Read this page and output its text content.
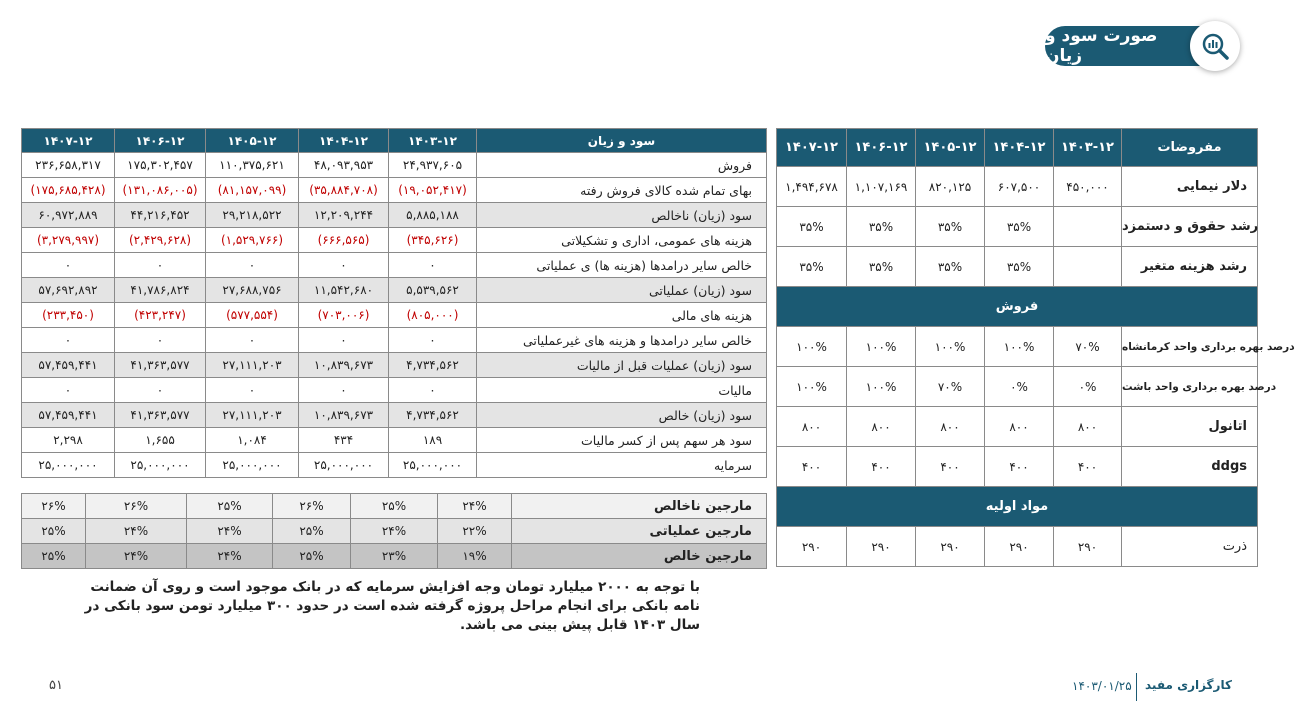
صورت سود و زیان
۱۴۰۷-۱۲	۱۴۰۶-۱۲	۱۴۰۵-۱۲	۱۴۰۴-۱۲	۱۴۰۳-۱۲	سود و زیان
۲۳۶,۶۵۸,۳۱۷	۱۷۵,۳۰۲,۴۵۷	۱۱۰,۳۷۵,۶۲۱	۴۸,۰۹۳,۹۵۳	۲۴,۹۳۷,۶۰۵	فروش
(۱۷۵,۶۸۵,۴۲۸)	(۱۳۱,۰۸۶,۰۰۵)	(۸۱,۱۵۷,۰۹۹)	(۳۵,۸۸۴,۷۰۸)	(۱۹,۰۵۲,۴۱۷)	بهای تمام شده کالای فروش رفته
۶۰,۹۷۲,۸۸۹	۴۴,۲۱۶,۴۵۲	۲۹,۲۱۸,۵۲۲	۱۲,۲۰۹,۲۴۴	۵,۸۸۵,۱۸۸	سود (زیان) ناخالص
(۳,۲۷۹,۹۹۷)	(۲,۴۲۹,۶۲۸)	(۱,۵۲۹,۷۶۶)	(۶۶۶,۵۶۵)	(۳۴۵,۶۲۶)	هزینه های عمومی، اداری و تشکیلاتی
۰	۰	۰	۰	۰	خالص سایر درامدها (هزینه ها) ی عملیاتی
۵۷,۶۹۲,۸۹۲	۴۱,۷۸۶,۸۲۴	۲۷,۶۸۸,۷۵۶	۱۱,۵۴۲,۶۸۰	۵,۵۳۹,۵۶۲	سود (زیان) عملیاتی
(۲۳۳,۴۵۰)	(۴۲۳,۲۴۷)	(۵۷۷,۵۵۴)	(۷۰۳,۰۰۶)	(۸۰۵,۰۰۰)	هزینه های مالی
۰	۰	۰	۰	۰	خالص سایر درامدها و هزینه های غیرعملیاتی
۵۷,۴۵۹,۴۴۱	۴۱,۳۶۳,۵۷۷	۲۷,۱۱۱,۲۰۳	۱۰,۸۳۹,۶۷۳	۴,۷۳۴,۵۶۲	سود (زیان) عملیات قبل از مالیات
۰	۰	۰	۰	۰	مالیات
۵۷,۴۵۹,۴۴۱	۴۱,۳۶۳,۵۷۷	۲۷,۱۱۱,۲۰۳	۱۰,۸۳۹,۶۷۳	۴,۷۳۴,۵۶۲	سود (زیان) خالص
۲,۲۹۸	۱,۶۵۵	۱,۰۸۴	۴۳۴	۱۸۹	سود هر سهم پس از کسر مالیات
۲۵,۰۰۰,۰۰۰	۲۵,۰۰۰,۰۰۰	۲۵,۰۰۰,۰۰۰	۲۵,۰۰۰,۰۰۰	۲۵,۰۰۰,۰۰۰	سرمایه
۲۶%	۲۶%	۲۵%	۲۶%	۲۵%	۲۴%	مارجین ناخالص
۲۵%	۲۴%	۲۴%	۲۵%	۲۴%	۲۲%	مارجین عملیاتی
۲۵%	۲۴%	۲۴%	۲۵%	۲۳%	۱۹%	مارجین خالص
۱۴۰۷-۱۲	۱۴۰۶-۱۲	۱۴۰۵-۱۲	۱۴۰۴-۱۲	۱۴۰۳-۱۲	مفروضات
۱,۴۹۴,۶۷۸	۱,۱۰۷,۱۶۹	۸۲۰,۱۲۵	۶۰۷,۵۰۰	۴۵۰,۰۰۰	دلار نیمایی
۳۵%	۳۵%	۳۵%	۳۵%		رشد حقوق و دستمزد
۳۵%	۳۵%	۳۵%	۳۵%		رشد هزینه متغیر
فروش					
۱۰۰%	۱۰۰%	۱۰۰%	۱۰۰%	۷۰%	درصد بهره برداری واحد کرمانشاه
۱۰۰%	۱۰۰%	۷۰%	۰%	۰%	درصد بهره برداری واحد باشت
۸۰۰	۸۰۰	۸۰۰	۸۰۰	۸۰۰	اتانول
۴۰۰	۴۰۰	۴۰۰	۴۰۰	۴۰۰	ddgs
مواد اولیه					
۲۹۰	۲۹۰	۲۹۰	۲۹۰	۲۹۰	ذرت
با توجه به ۲۰۰۰ میلیارد تومان وجه افزایش سرمایه که در بانک موجود است و روی آن ضمانت نامه بانکی برای انجام مراحل پروژه گرفته شده است در حدود ۳۰۰ میلیارد تومن سود بانکی در سال ۱۴۰۳ قابل پیش بینی می باشد.
۵۱	کارگزاری مفید
۱۴۰۳/۰۱/۲۵
